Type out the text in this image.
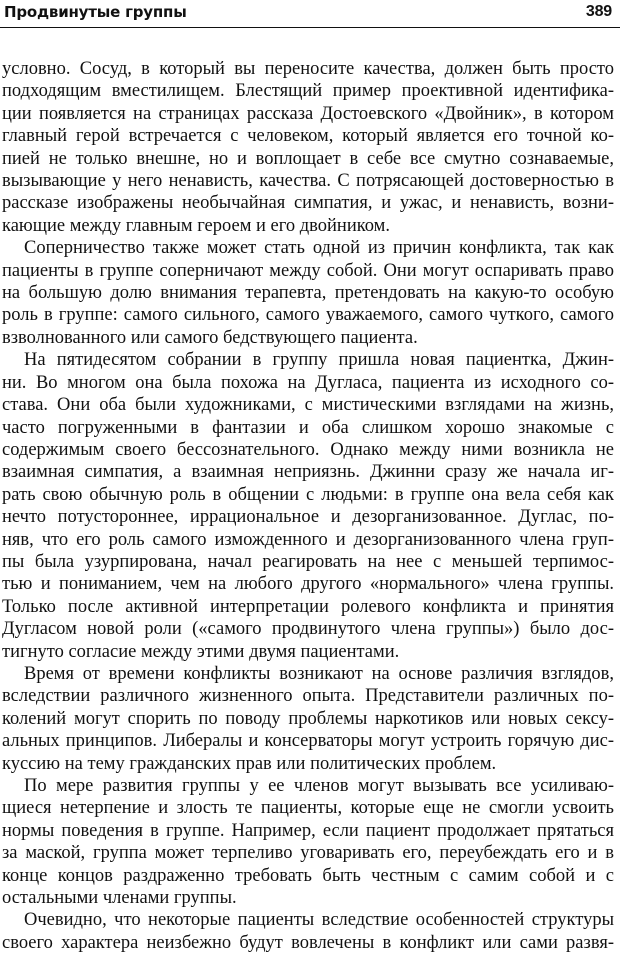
Продвинутые группы	389
условно. Сосуд, в который вы переносите качества, должен быть просто
подходящим вместилищем. Блестящий пример проективной идентифика-
ции появляется на страницах рассказа Достоевского «Двойник», в котором
главный герой встречается с человеком, который является его точной ко-
пией не только внешне, но и воплощает в себе все смутно сознаваемые,
вызывающие у него ненависть, качества. С потрясающей достоверностью в
рассказе изображены необычайная симпатия, и ужас, и ненависть, возни-
кающие между главным героем и его двойником.
Соперничество также может стать одной из причин конфликта, так как
пациенты в группе соперничают между собой. Они могут оспаривать право
на большую долю внимания терапевта, претендовать на какую-то особую
роль в группе: самого сильного, самого уважаемого, самого чуткого, самого
взволнованного или самого бедствующего пациента.
На пятидесятом собрании в группу пришла новая пациентка, Джин-
ни. Во многом она была похожа на Дугласа, пациента из исходного со-
става. Они оба были художниками, с мистическими взглядами на жизнь,
часто погруженными в фантазии и оба слишком хорошо знакомые с
содержимым своего бессознательного. Однако между ними возникла не
взаимная симпатия, а взаимная неприязнь. Джинни сразу же начала иг-
рать свою обычную роль в общении с людьми: в группе она вела себя как
нечто потустороннее, иррациональное и дезорганизованное. Дуглас, по-
няв, что его роль самого изможденного и дезорганизованного члена груп-
пы была узурпирована, начал реагировать на нее с меньшей терпимос-
тью и пониманием, чем на любого другого «нормального» члена группы.
Только после активной интерпретации ролевого конфликта и принятия
Дугласом новой роли («самого продвинутого члена группы») было дос-
тигнуто согласие между этими двумя пациентами.
Время от времени конфликты возникают на основе различия взглядов,
вследствии различного жизненного опыта. Представители различных по-
колений могут спорить по поводу проблемы наркотиков или новых сексу-
альных принципов. Либералы и консерваторы могут устроить горячую дис-
куссию на тему гражданских прав или политических проблем.
По мере развития группы у ее членов могут вызывать все усиливаю-
щиеся нетерпение и злость те пациенты, которые еще не смогли усвоить
нормы поведения в группе. Например, если пациент продолжает прятаться
за маской, группа может терпеливо уговаривать его, переубеждать его и в
конце концов раздраженно требовать быть честным с самим собой и с
остальными членами группы.
Очевидно, что некоторые пациенты вследствие особенностей структуры
своего характера неизбежно будут вовлечены в конфликт или сами развя-
